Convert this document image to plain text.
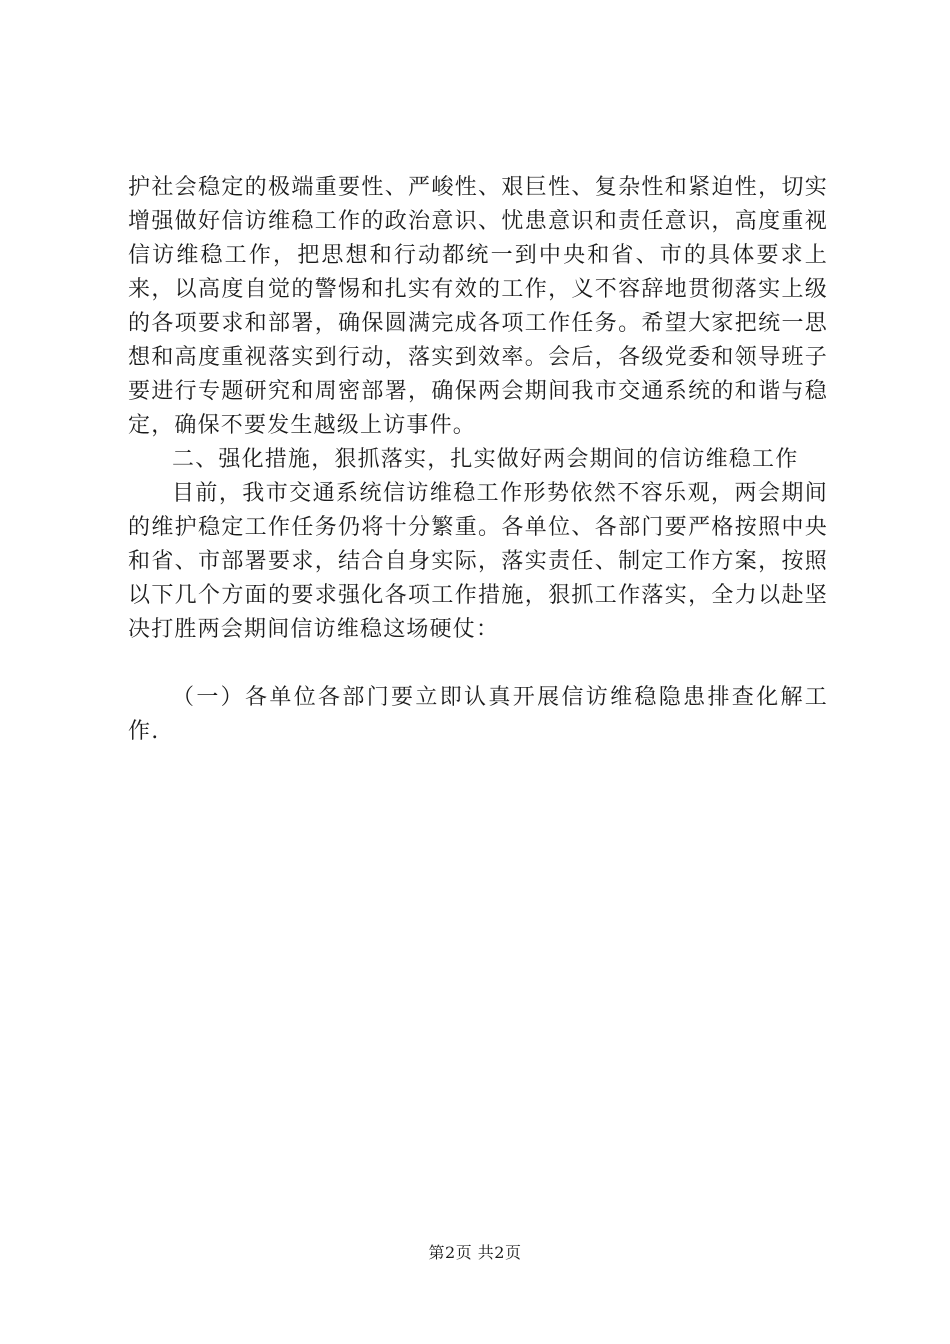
护社会稳定的极端重要性、严峻性、艰巨性、复杂性和紧迫性，切实增强做好信访维稳工作的政治意识、忧患意识和责任意识，高度重视信访维稳工作，把思想和行动都统一到中央和省、市的具体要求上来，以高度自觉的警惕和扎实有效的工作，义不容辞地贯彻落实上级的各项要求和部署，确保圆满完成各项工作任务。希望大家把统一思想和高度重视落实到行动，落实到效率。会后，各级党委和领导班子要进行专题研究和周密部署，确保两会期间我市交通系统的和谐与稳定，确保不要发生越级上访事件。

二、强化措施，狠抓落实，扎实做好两会期间的信访维稳工作

目前，我市交通系统信访维稳工作形势依然不容乐观，两会期间的维护稳定工作任务仍将十分繁重。各单位、各部门要严格按照中央和省、市部署要求，结合自身实际，落实责任、制定工作方案，按照以下几个方面的要求强化各项工作措施，狠抓工作落实，全力以赴坚决打胜两会期间信访维稳这场硬仗：

（一）各单位各部门要立即认真开展信访维稳隐患排查化解工作.

第2页 共2页
